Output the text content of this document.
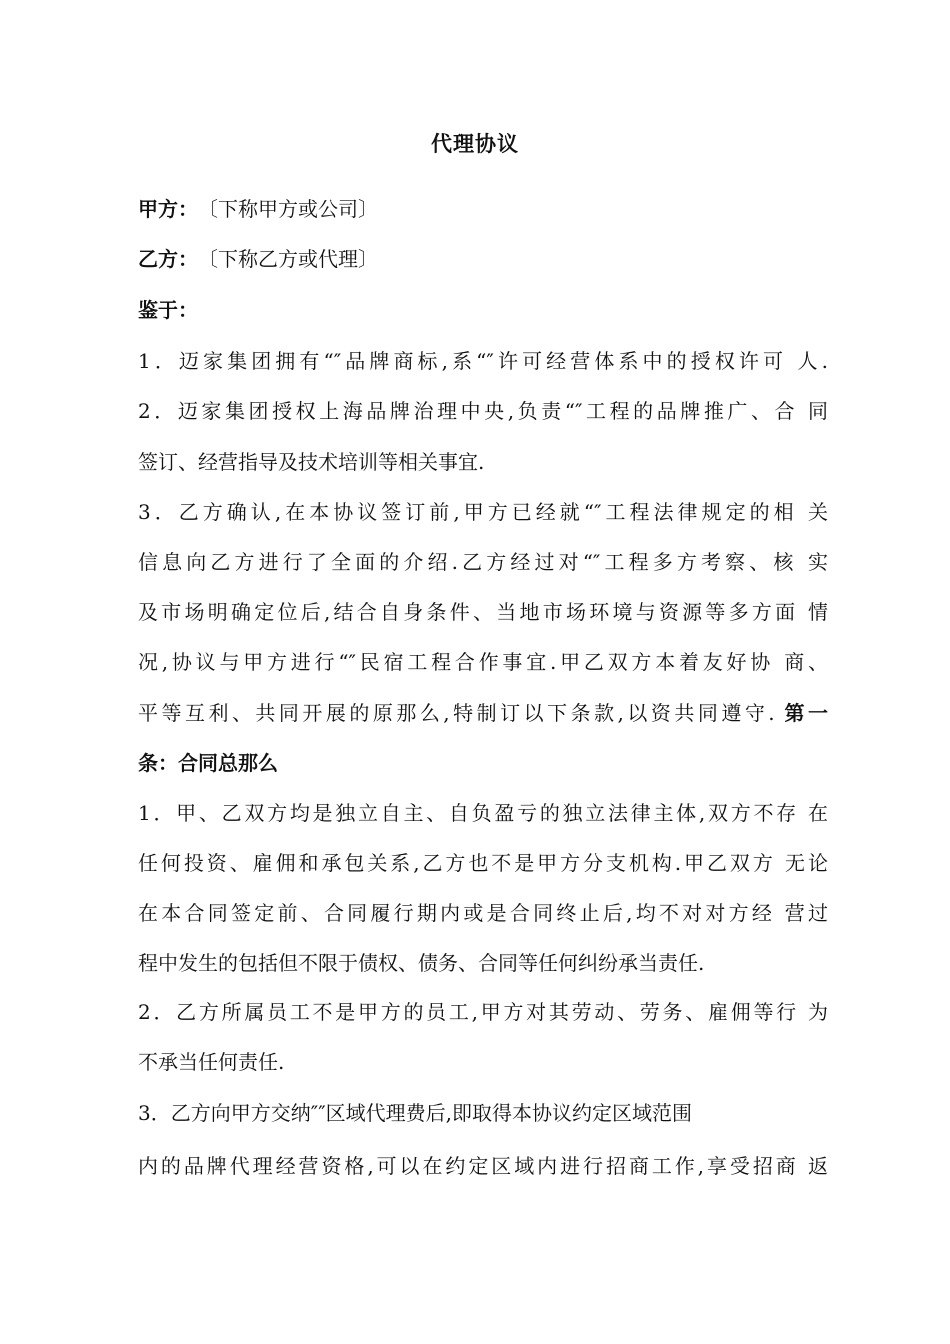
代理协议
甲方： 〔下称甲方或公司〕
乙方： 〔下称乙方或代理〕
鉴于：
1．迈家集团拥有“″品牌商标,系“″许可经营体系中的授权许可 人.
2．迈家集团授权上海品牌治理中央,负责“″工程的品牌推广、合 同
签订、经营指导及技术培训等相关事宜.
3．乙方确认,在本协议签订前,甲方已经就“″工程法律规定的相 关
信息向乙方进行了全面的介绍.乙方经过对“″工程多方考察、核 实
及市场明确定位后,结合自身条件、当地市场环境与资源等多方面 情
况,协议与甲方进行“″民宿工程合作事宜.甲乙双方本着友好协 商、
平等互利、共同开展的原那么,特制订以下条款,以资共同遵守. 第一
条：合同总那么
1．甲、乙双方均是独立自主、自负盈亏的独立法律主体,双方不存 在
任何投资、雇佣和承包关系,乙方也不是甲方分支机构.甲乙双方 无论
在本合同签定前、合同履行期内或是合同终止后,均不对对方经 营过
程中发生的包括但不限于债权、债务、合同等任何纠纷承当责任.
2．乙方所属员工不是甲方的员工,甲方对其劳动、劳务、雇佣等行 为
不承当任何责任.
3．乙方向甲方交纳″″区域代理费后,即取得本协议约定区域范围
内的品牌代理经营资格,可以在约定区域内进行招商工作,享受招商 返
